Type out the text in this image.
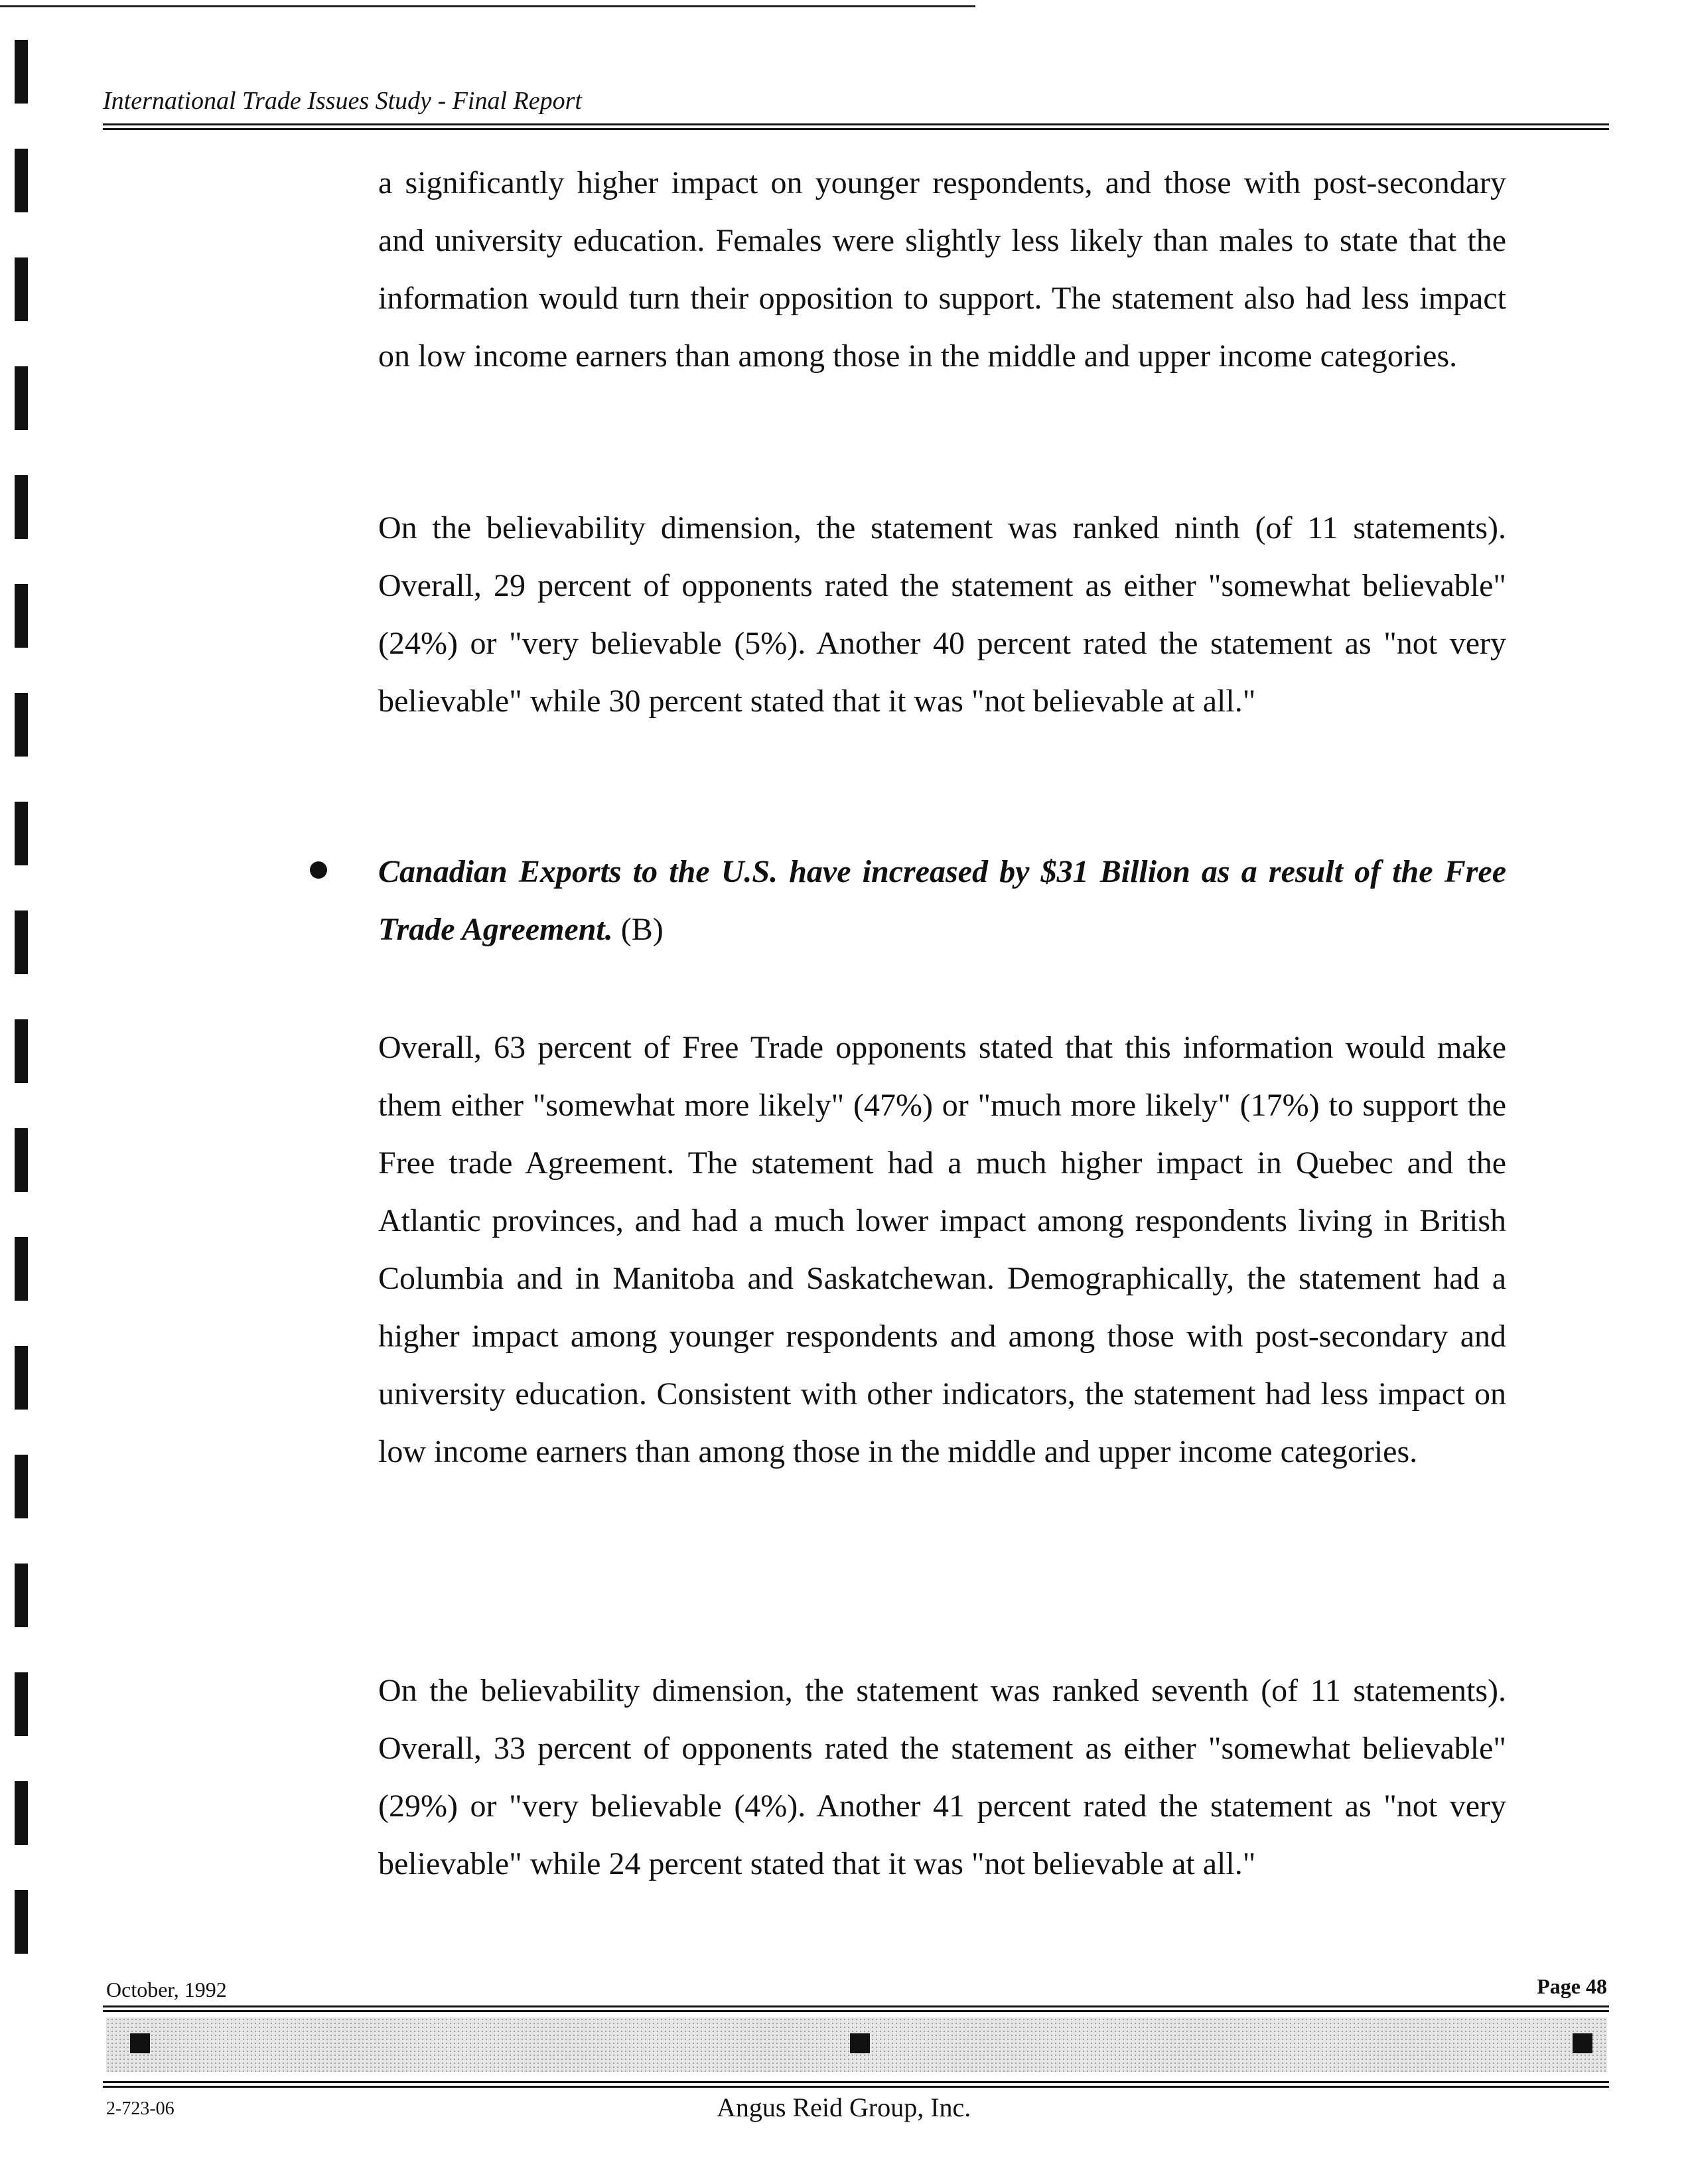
International Trade Issues Study - Final Report

a significantly higher impact on younger respondents, and those with post-secondary and university education. Females were slightly less likely than males to state that the information would turn their opposition to support. The statement also had less impact on low income earners than among those in the middle and upper income categories.

On the believability dimension, the statement was ranked ninth (of 11 statements). Overall, 29 percent of opponents rated the statement as either "somewhat believable" (24%) or "very believable (5%). Another 40 percent rated the statement as "not very believable" while 30 percent stated that it was "not believable at all."

Canadian Exports to the U.S. have increased by $31 Billion as a result of the Free Trade Agreement. (B)

Overall, 63 percent of Free Trade opponents stated that this information would make them either "somewhat more likely" (47%) or "much more likely" (17%) to support the Free trade Agreement. The statement had a much higher impact in Quebec and the Atlantic provinces, and had a much lower impact among respondents living in British Columbia and in Manitoba and Saskatchewan. Demographically, the statement had a higher impact among younger respondents and among those with post-secondary and university education. Consistent with other indicators, the statement had less impact on low income earners than among those in the middle and upper income categories.

On the believability dimension, the statement was ranked seventh (of 11 statements). Overall, 33 percent of opponents rated the statement as either "somewhat believable" (29%) or "very believable (4%). Another 41 percent rated the statement as "not very believable" while 24 percent stated that it was "not believable at all."

October, 1992	Page 48
2-723-06	Angus Reid Group, Inc.
